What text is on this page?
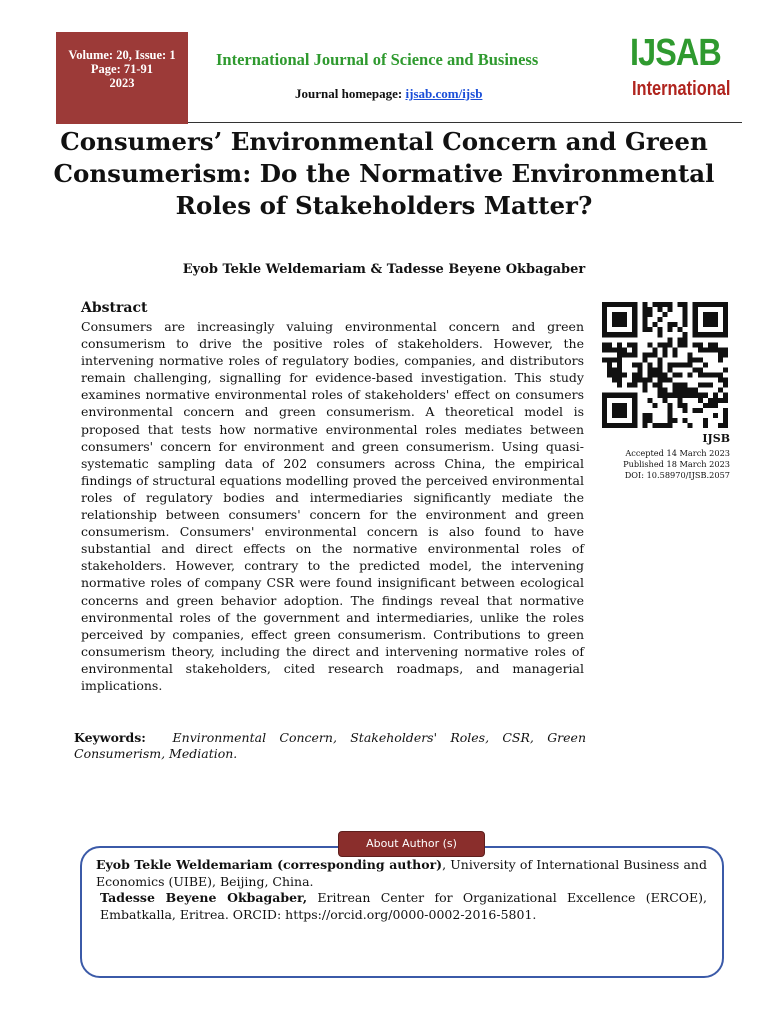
Volume: 20, Issue: 1
Page: 71-91
2023
International Journal of Science and Business
Journal homepage: ijsab.com/ijsb
IJSAB
International
Consumers’ Environmental Concern and Green Consumerism: Do the Normative Environmental Roles of Stakeholders Matter?
Eyob Tekle Weldemariam & Tadesse Beyene Okbagaber
Abstract

Consumers are increasingly valuing environmental concern and green consumerism to drive the positive roles of stakeholders. However, the intervening normative roles of regulatory bodies, companies, and distributors remain challenging, signalling for evidence-based investigation. This study examines normative environmental roles of stakeholders' effect on consumers environmental concern and green consumerism. A theoretical model is proposed that tests how normative environmental roles mediates between consumers' concern for environment and green consumerism. Using quasi-systematic sampling data of 202 consumers across China, the empirical findings of structural equations modelling proved the perceived environmental roles of regulatory bodies and intermediaries significantly mediate the relationship between consumers' concern for the environment and green consumerism. Consumers' environmental concern is also found to have substantial and direct effects on the normative environmental roles of stakeholders. However, contrary to the predicted model, the intervening normative roles of company CSR were found insignificant between ecological concerns and green behavior adoption. The findings reveal that normative environmental roles of the government and intermediaries, unlike the roles perceived by companies, effect green consumerism. Contributions to green consumerism theory, including the direct and intervening normative roles of environmental stakeholders, cited research roadmaps, and managerial implications.

IJSB
Accepted 14 March 2023
Published 18 March 2023
DOI: 10.58970/IJSB.2057
Keywords: Environmental Concern, Stakeholders' Roles, CSR, Green Consumerism, Mediation.
About Author (s)

Eyob Tekle Weldemariam (corresponding author), University of International Business and Economics (UIBE), Beijing, China.

Tadesse Beyene Okbagaber, Eritrean Center for Organizational Excellence (ERCOE), Embatkalla, Eritrea. ORCID: https://orcid.org/0000-0002-2016-5801.
